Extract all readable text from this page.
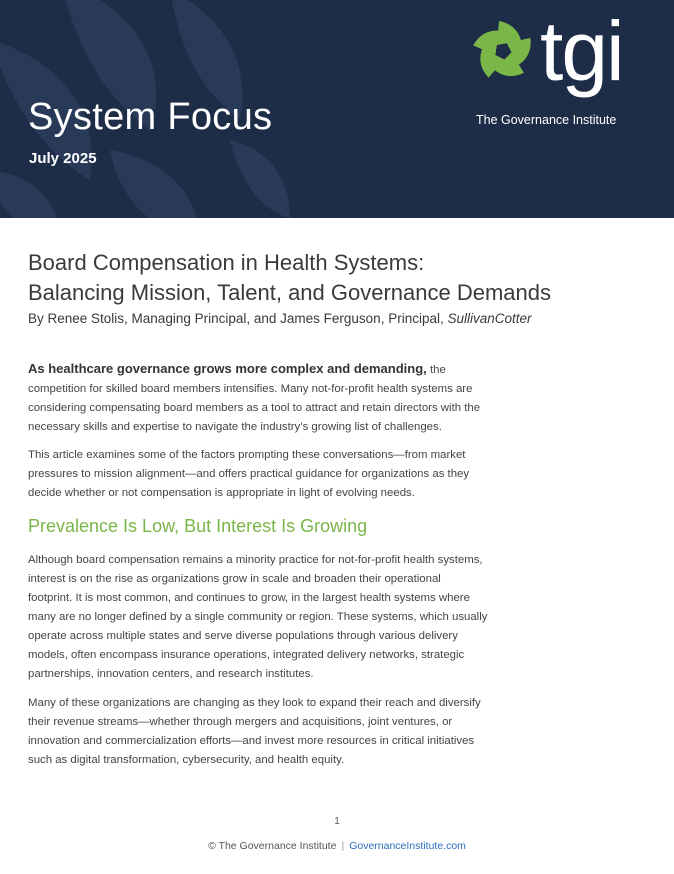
System Focus
July 2025
tgi
The Governance Institute
Board Compensation in Health Systems:
Balancing Mission, Talent, and Governance Demands
By Renee Stolis, Managing Principal, and James Ferguson, Principal, SullivanCotter

As healthcare governance grows more complex and demanding, the competition for skilled board members intensifies. Many not-for-profit health systems are considering compensating board members as a tool to attract and retain directors with the necessary skills and expertise to navigate the industry’s growing list of challenges.

This article examines some of the factors prompting these conversations—from market pressures to mission alignment—and offers practical guidance for organizations as they decide whether or not compensation is appropriate in light of evolving needs.

Prevalence Is Low, But Interest Is Growing

Although board compensation remains a minority practice for not-for-profit health systems, interest is on the rise as organizations grow in scale and broaden their operational footprint. It is most common, and continues to grow, in the largest health systems where many are no longer defined by a single community or region. These systems, which usually operate across multiple states and serve diverse populations through various delivery models, often encompass insurance operations, integrated delivery networks, strategic partnerships, innovation centers, and research institutes.

Many of these organizations are changing as they look to expand their reach and diversify their revenue streams—whether through mergers and acquisitions, joint ventures, or innovation and commercialization efforts—and invest more resources in critical initiatives such as digital transformation, cybersecurity, and health equity.

1
© The Governance Institute | GovernanceInstitute.com
